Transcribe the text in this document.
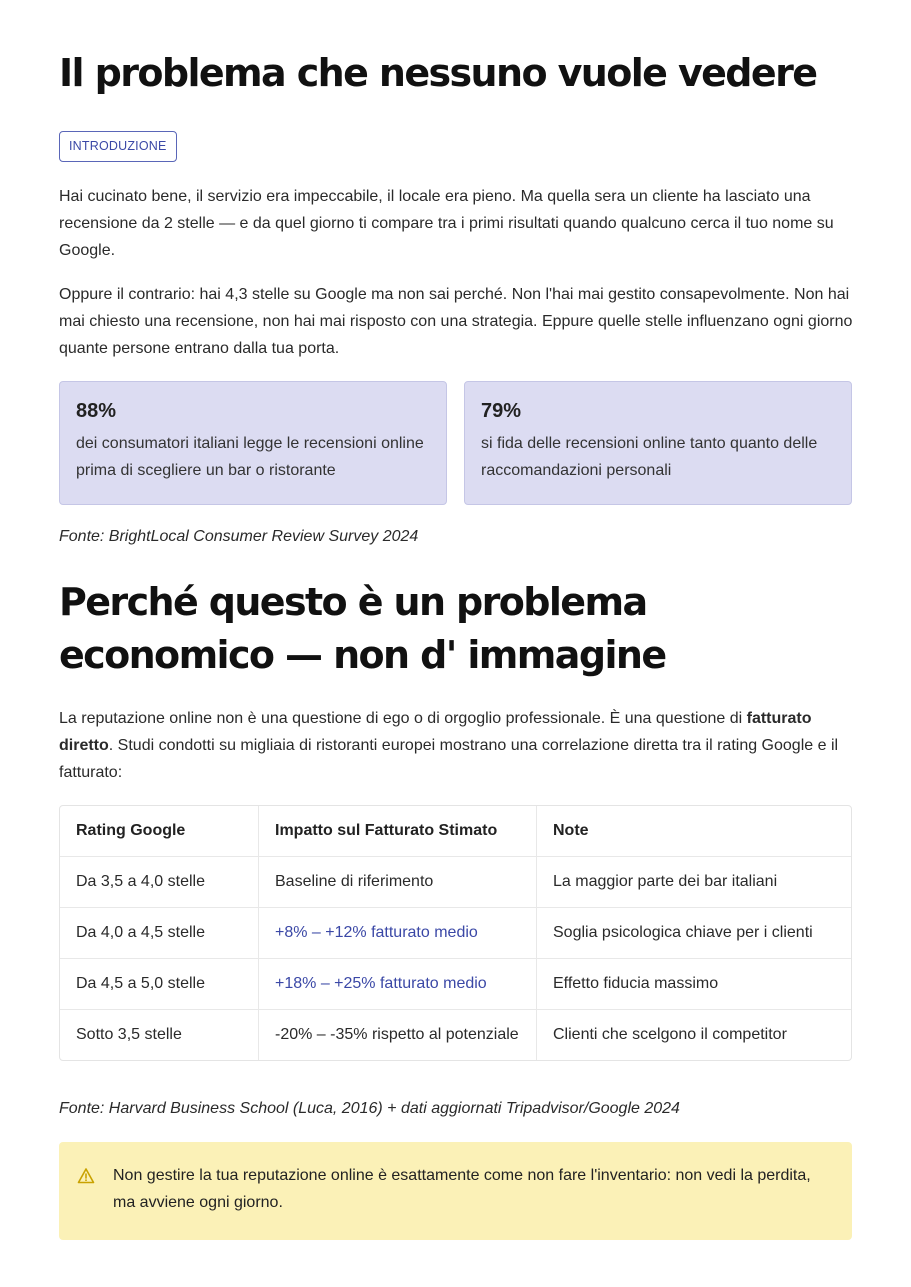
Il problema che nessuno vuole vedere
INTRODUZIONE

Hai cucinato bene, il servizio era impeccabile, il locale era pieno. Ma quella sera un cliente ha lasciato una recensione da 2 stelle — e da quel giorno ti compare tra i primi risultati quando qualcuno cerca il tuo nome su Google.

Oppure il contrario: hai 4,3 stelle su Google ma non sai perché. Non l'hai mai gestito consapevolmente. Non hai mai chiesto una recensione, non hai mai risposto con una strategia. Eppure quelle stelle influenzano ogni giorno quante persone entrano dalla tua porta.

88%
dei consumatori italiani legge le recensioni online prima di scegliere un bar o ristorante
79%
si fida delle recensioni online tanto quanto delle raccomandazioni personali
Fonte: BrightLocal Consumer Review Survey 2024
Perché questo è un problema economico — non d' immagine

La reputazione online non è una questione di ego o di orgoglio professionale. È una questione di fatturato diretto. Studi condotti su migliaia di ristoranti europei mostrano una correlazione diretta tra il rating Google e il fatturato:

Rating Google	Impatto sul Fatturato Stimato	Note
Da 3,5 a 4,0 stelle	Baseline di riferimento	La maggior parte dei bar italiani
Da 4,0 a 4,5 stelle	+8% – +12% fatturato medio	Soglia psicologica chiave per i clienti
Da 4,5 a 5,0 stelle	+18% – +25% fatturato medio	Effetto fiducia massimo
Sotto 3,5 stelle	-20% – -35% rispetto al potenziale	Clienti che scelgono il competitor
Fonte: Harvard Business School (Luca, 2016) + dati aggiornati Tripadvisor/Google 2024
Non gestire la tua reputazione online è esattamente come non fare l'inventario: non vedi la perdita, ma avviene ogni giorno.
